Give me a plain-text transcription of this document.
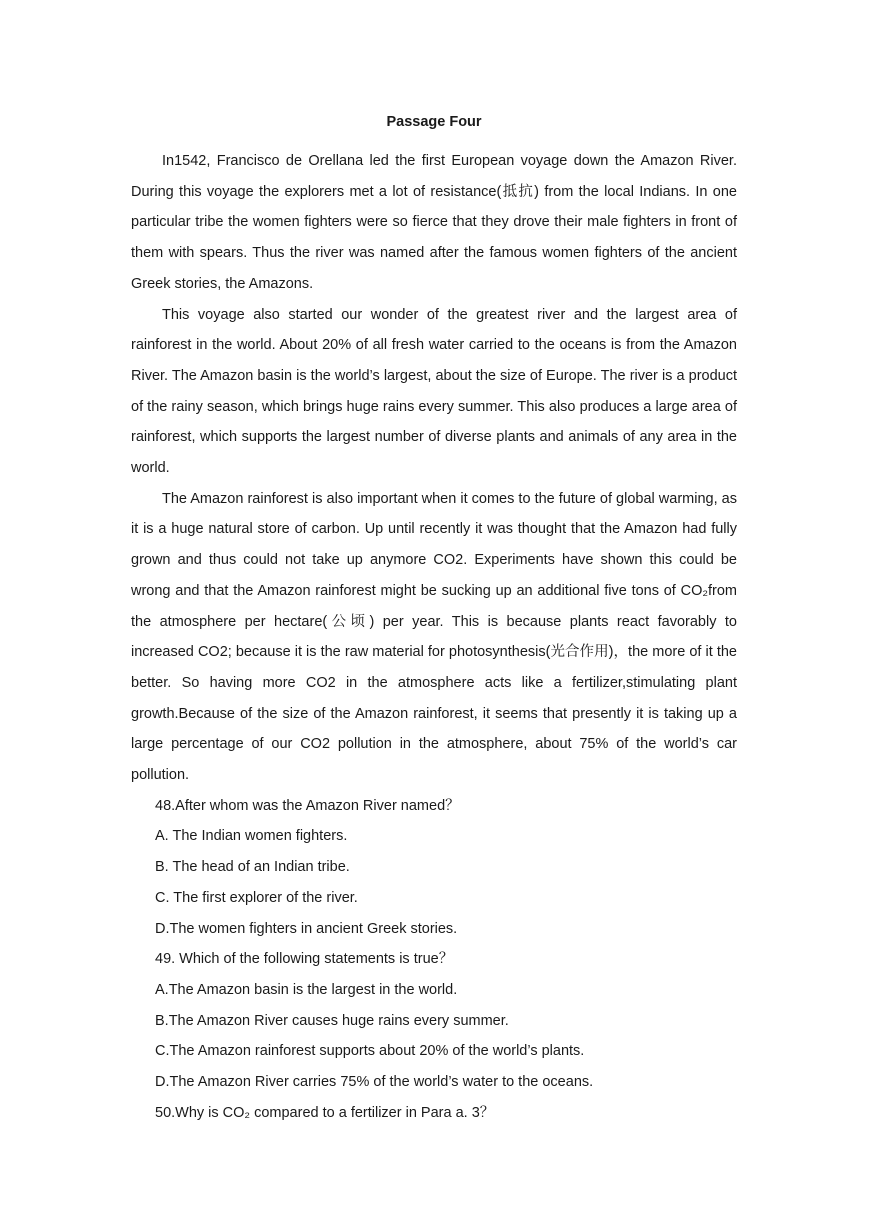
Passage Four

In1542, Francisco de Orellana led the first European voyage down the Amazon River. During this voyage the explorers met a lot of resistance(抵抗) from the local Indians. In one particular tribe the women fighters were so fierce that they drove their male fighters in front of them with spears. Thus the river was named after the famous women fighters of the ancient Greek stories, the Amazons.

This voyage also started our wonder of the greatest river and the largest area of rainforest in the world. About 20% of all fresh water carried to the oceans is from the Amazon River. The Amazon basin is the world’s largest, about the size of Europe. The river is a product of the rainy season, which brings huge rains every summer. This also produces a large area of rainforest, which supports the largest number of diverse plants and animals of any area in the world.

The Amazon rainforest is also important when it comes to the future of global warming, as it is a huge natural store of carbon. Up until recently it was thought that the Amazon had fully grown and thus could not take up anymore CO2. Experiments have shown this could be wrong and that the Amazon rainforest might be sucking up an additional five tons of CO₂from the atmosphere per hectare(公顷) per year. This is because plants react favorably to increased CO2; because it is the raw material for photosynthesis(光合作用)，the more of it the better. So having more CO2 in the atmosphere acts like a fertilizer,stimulating plant growth.Because of the size of the Amazon rainforest, it seems that presently it is taking up a large percentage of our CO2 pollution in the atmosphere, about 75% of the world’s car pollution.

48.After whom was the Amazon River named？

A. The Indian women fighters.

B. The head of an Indian tribe.

C. The first explorer of the river.

D.The women fighters in ancient Greek stories.

49. Which of the following statements is true？

A.The Amazon basin is the largest in the world.

B.The Amazon River causes huge rains every summer.

C.The Amazon rainforest supports about 20% of the world’s plants.

D.The Amazon River carries 75% of the world’s water to the oceans.

50.Why is CO₂ compared to a fertilizer in Para a. 3？
